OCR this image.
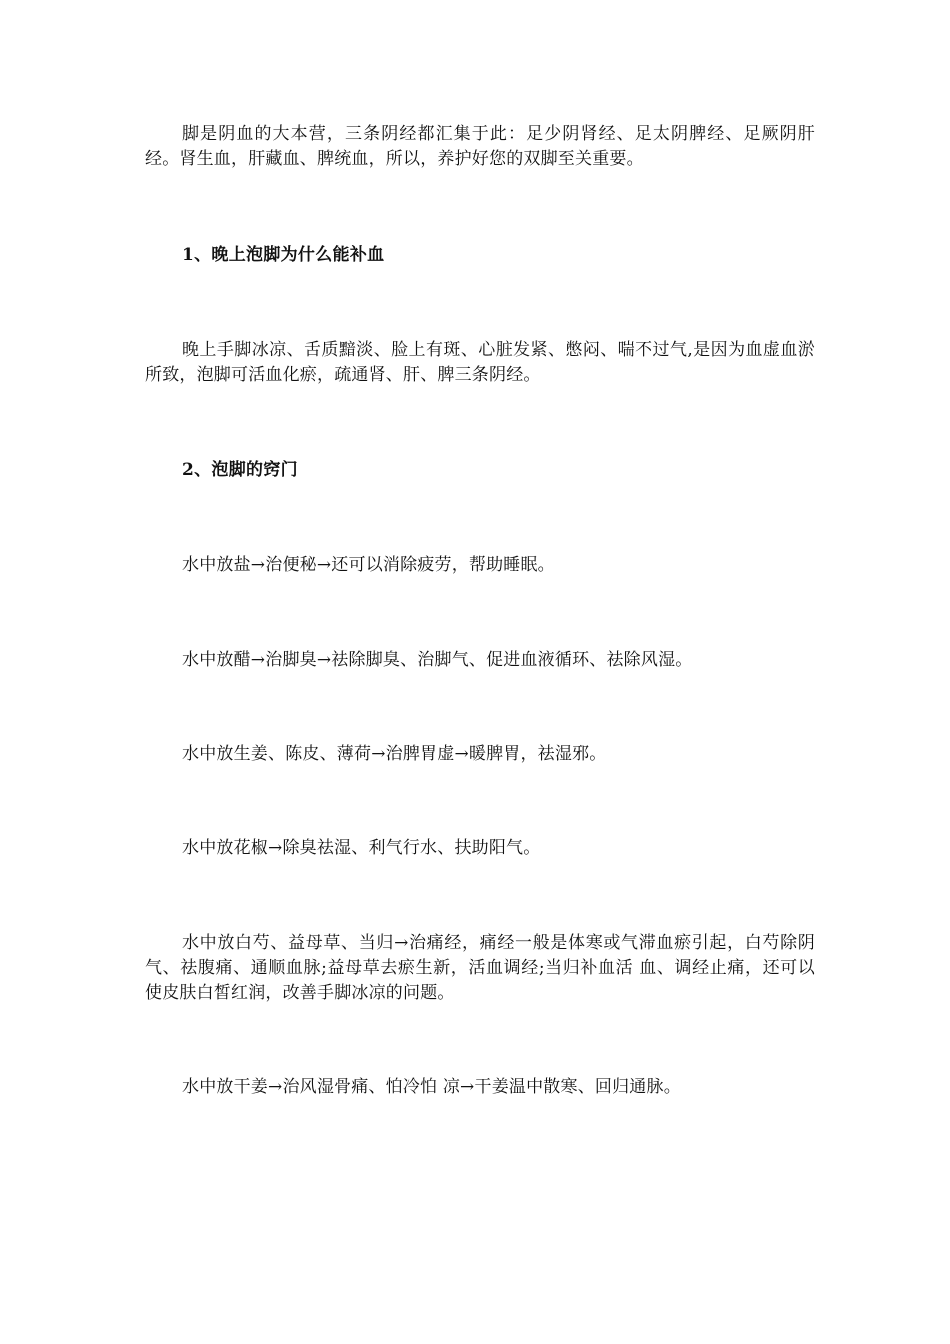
脚是阴血的大本营，三条阴经都汇集于此：足少阴肾经、足太阴脾经、足厥阴肝经。肾生血，肝藏血、脾统血，所以，养护好您的双脚至关重要。

1、晚上泡脚为什么能补血

晚上手脚冰凉、舌质黯淡、脸上有斑、心脏发紧、憋闷、喘不过气,是因为血虚血淤所致，泡脚可活血化瘀，疏通肾、肝、脾三条阴经。

2、泡脚的窍门

水中放盐→治便秘→还可以消除疲劳，帮助睡眠。

水中放醋→治脚臭→祛除脚臭、治脚气、促进血液循环、祛除风湿。

水中放生姜、陈皮、薄荷→治脾胃虚→暖脾胃，祛湿邪。

水中放花椒→除臭祛湿、利气行水、扶助阳气。

水中放白芍、益母草、当归→治痛经，痛经一般是体寒或气滞血瘀引起，白芍除阴气、祛腹痛、通顺血脉;益母草去瘀生新，活血调经;当归补血活 血、调经止痛，还可以使皮肤白皙红润，改善手脚冰凉的问题。

水中放干姜→治风湿骨痛、怕冷怕 凉→干姜温中散寒、回归通脉。
